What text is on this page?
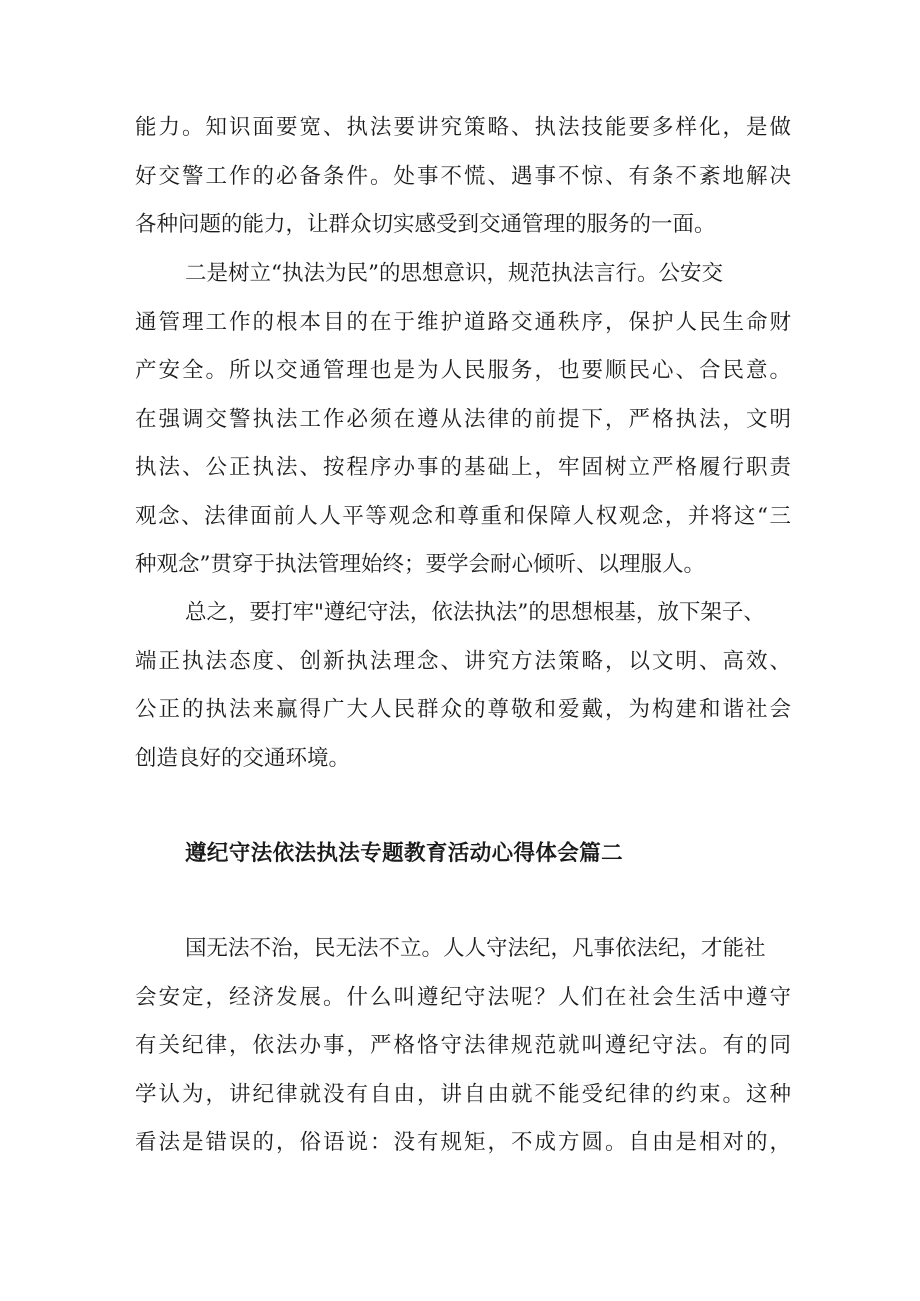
能力。知识面要宽、执法要讲究策略、执法技能要多样化，是做
好交警工作的必备条件。处事不慌、遇事不惊、有条不紊地解决
各种问题的能力，让群众切实感受到交通管理的服务的一面。
二是树立“执法为民”的思想意识，规范执法言行。公安交
通管理工作的根本目的在于维护道路交通秩序，保护人民生命财
产安全。所以交通管理也是为人民服务，也要顺民心、合民意。
在强调交警执法工作必须在遵从法律的前提下，严格执法，文明
执法、公正执法、按程序办事的基础上，牢固树立严格履行职责
观念、法律面前人人平等观念和尊重和保障人权观念，并将这“三
种观念”贯穿于执法管理始终；要学会耐心倾听、以理服人。
总之，要打牢"遵纪守法，依法执法”的思想根基，放下架子、
端正执法态度、创新执法理念、讲究方法策略，以文明、高效、
公正的执法来赢得广大人民群众的尊敬和爱戴，为构建和谐社会
创造良好的交通环境。
遵纪守法依法执法专题教育活动心得体会篇二
国无法不治，民无法不立。人人守法纪，凡事依法纪，才能社
会安定，经济发展。什么叫遵纪守法呢？人们在社会生活中遵守
有关纪律，依法办事，严格恪守法律规范就叫遵纪守法。有的同
学认为，讲纪律就没有自由，讲自由就不能受纪律的约束。这种
看法是错误的，俗语说：没有规矩，不成方圆。自由是相对的，
